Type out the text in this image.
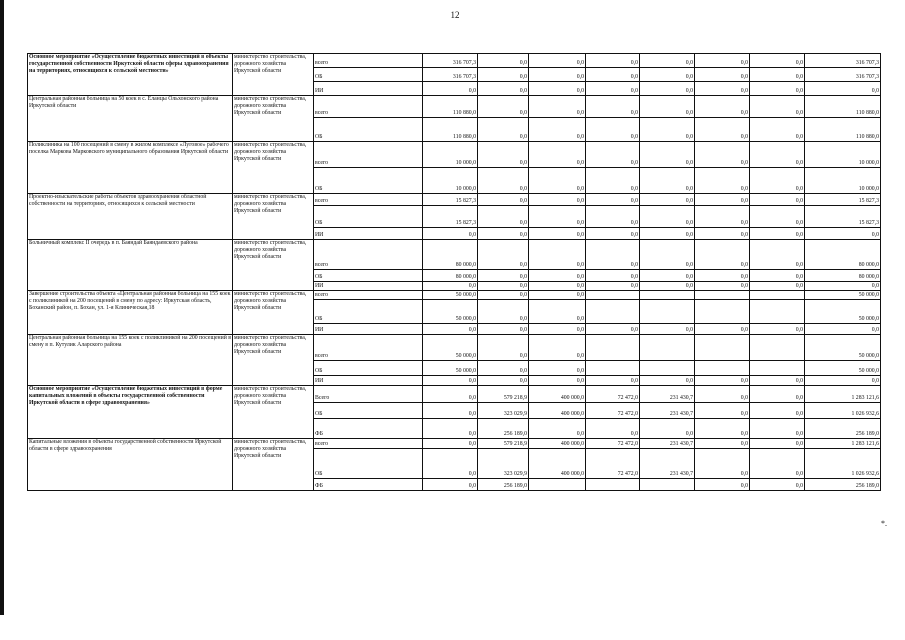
12
Основное мероприятие «Осуществление бюджетных инвестиций в объекты государственной собственности Иркутской области сферы здравоохранения на территориях, относящихся к сельской местности»	министерство строительства, дорожного хозяйства Иркутской области	всего	316 707,3	0,0	0,0	0,0	0,0	0,0	0,0	316 707,3
		ОБ	316 707,3	0,0	0,0	0,0	0,0	0,0	0,0	316 707,3
		ИИ	0,0	0,0	0,0	0,0	0,0	0,0	0,0	0,0
Центральная районная больница на 50 коек в с. Еланцы Ольхонского района Иркутской области	министерство строительства, дорожного хозяйства Иркутской области	всего	110 880,0	0,0	0,0	0,0	0,0	0,0	0,0	110 880,0
		ОБ	110 880,0	0,0	0,0	0,0	0,0	0,0	0,0	110 880,0
Поликлиника на 100 посещений в смену в жилом комплексе «Луговое» рабочего поселка Маркова Марковского муниципального образования Иркутской области	министерство строительства, дорожного хозяйства Иркутской области	всего	10 000,0	0,0	0,0	0,0	0,0	0,0	0,0	10 000,0
		ОБ	10 000,0	0,0	0,0	0,0	0,0	0,0	0,0	10 000,0
Проектно-изыскательские работы объектов здравоохранения областной собственности на территориях, относящихся к сельской местности	министерство строительства, дорожного хозяйства Иркутской области	всего	15 827,3	0,0	0,0	0,0	0,0	0,0	0,0	15 827,3
		ОБ	15 827,3	0,0	0,0	0,0	0,0	0,0	0,0	15 827,3
		ИИ	0,0	0,0	0,0	0,0	0,0	0,0	0,0	0,0
Больничный комплекс II очередь в п. Баяндай Баяндаевского района	министерство строительства, дорожного хозяйства Иркутской области	всего	80 000,0	0,0	0,0	0,0	0,0	0,0	0,0	80 000,0
		ОБ	80 000,0	0,0	0,0	0,0	0,0	0,0	0,0	80 000,0
		ИИ	0,0	0,0	0,0	0,0	0,0	0,0	0,0	0,0
Завершение строительства объекта «Центральная районная больница на 155 коек с поликлиникой на 200 посещений в смену по адресу: Иркутская область, Боханский район, п. Бохан, ул. 1-я Клиническая,18	министерство строительства, дорожного хозяйства Иркутской области	всего	50 000,0	0,0	0,0					50 000,0
		ОБ	50 000,0	0,0	0,0					50 000,0
		ИИ	0,0	0,0	0,0	0,0	0,0	0,0	0,0	0,0
Центральная районная больница на 155 коек с поликлиникой на 200 посещений в смену в п. Кутулик Аларского района	министерство строительства, дорожного хозяйства Иркутской области	всего	50 000,0	0,0	0,0					50 000,0
		ОБ	50 000,0	0,0	0,0					50 000,0
		ИИ	0,0	0,0	0,0	0,0	0,0	0,0	0,0	0,0
Основное мероприятие «Осуществление бюджетных инвестиций в форме капитальных вложений в объекты государственной собственности Иркутской области в сфере здравоохранения»	министерство строительства, дорожного хозяйства Иркутской области	Всего	0,0	579 218,9	400 000,0	72 472,0	231 430,7	0,0	0,0	1 283 121,6
		ОБ	0,0	323 029,9	400 000,0	72 472,0	231 430,7	0,0	0,0	1 026 932,6
		ФБ	0,0	256 189,0	0,0	0,0	0,0	0,0	0,0	256 189,0
Капитальные вложения в объекты государственной собственности Иркутской области в сфере здравоохранения	министерство строительства, дорожного хозяйства Иркутской области	всего	0,0	579 218,9	400 000,0	72 472,0	231 430,7	0,0	0,0	1 283 121,6
		ОБ	0,0	323 029,9	400 000,0	72 472,0	231 430,7	0,0	0,0	1 026 932,6
		ФБ	0,0	256 189,0				0,0	0,0	256 189,0
*.
